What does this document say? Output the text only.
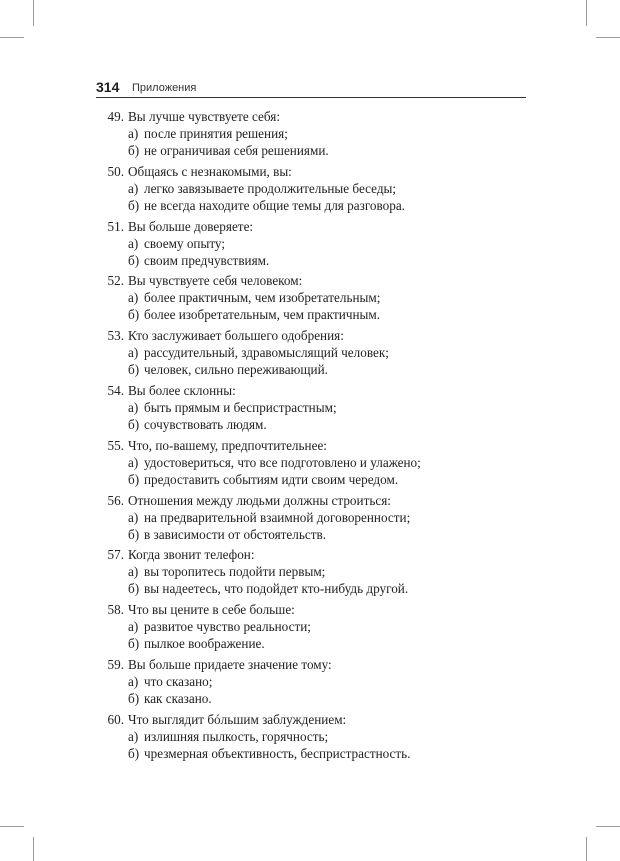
314 Приложения
49. Вы лучше чувствуете себя:
а) после принятия решения;
б) не ограничивая себя решениями.
50. Общаясь с незнакомыми, вы:
а) легко завязываете продолжительные беседы;
б) не всегда находите общие темы для разговора.
51. Вы больше доверяете:
а) своему опыту;
б) своим предчувствиям.
52. Вы чувствуете себя человеком:
а) более практичным, чем изобретательным;
б) более изобретательным, чем практичным.
53. Кто заслуживает большего одобрения:
а) рассудительный, здравомыслящий человек;
б) человек, сильно переживающий.
54. Вы более склонны:
а) быть прямым и беспристрастным;
б) сочувствовать людям.
55. Что, по-вашему, предпочтительнее:
а) удостовериться, что все подготовлено и улажено;
б) предоставить событиям идти своим чередом.
56. Отношения между людьми должны строиться:
а) на предварительной взаимной договоренности;
б) в зависимости от обстоятельств.
57. Когда звонит телефон:
а) вы торопитесь подойти первым;
б) вы надеетесь, что подойдет кто-нибудь другой.
58. Что вы цените в себе больше:
а) развитое чувство реальности;
б) пылкое воображение.
59. Вы больше придаете значение тому:
а) что сказано;
б) как сказано.
60. Что выглядит бóльшим заблуждением:
а) излишняя пылкость, горячность;
б) чрезмерная объективность, беспристрастность.
